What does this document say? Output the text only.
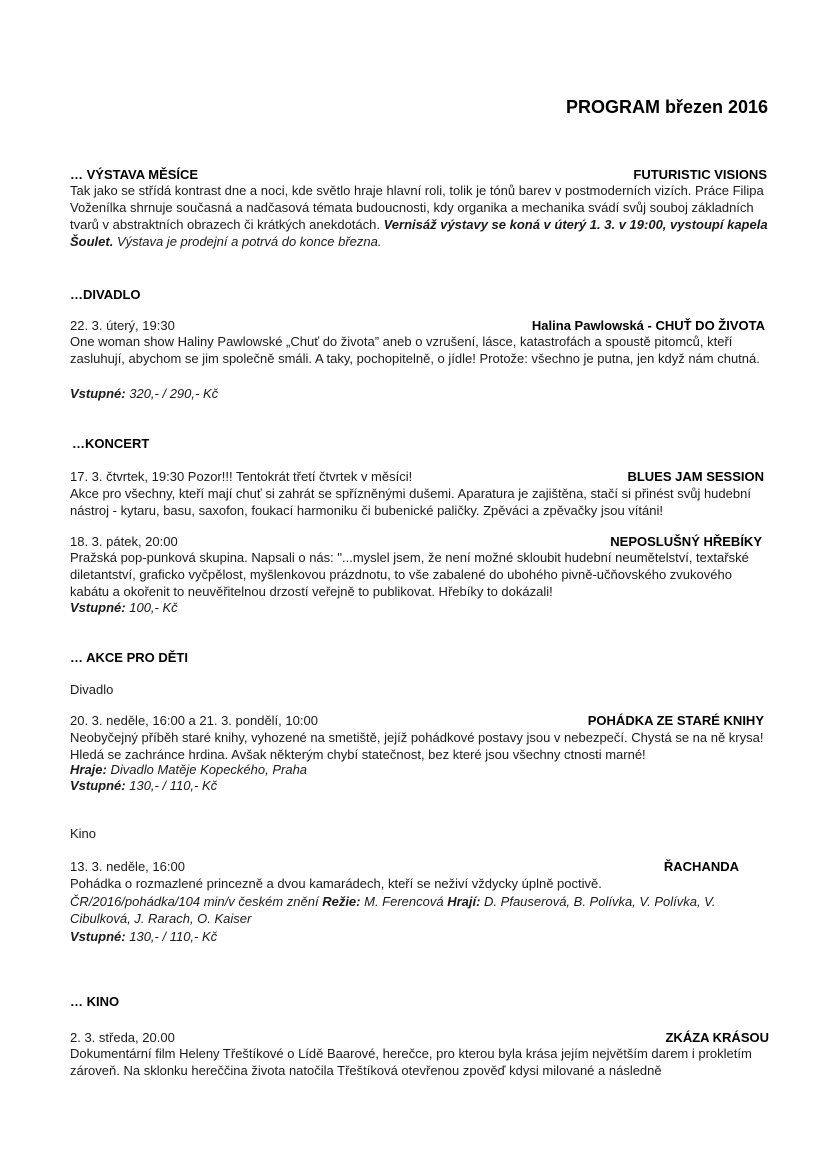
PROGRAM březen 2016
… VÝSTAVA MĚSÍCE	FUTURISTIC VISIONS

Tak jako se střídá kontrast dne a noci, kde světlo hraje hlavní roli, tolik je tónů barev v postmoderních vizích. Práce Filipa Voženílka shrnuje současná a nadčasová témata budoucnosti, kdy organika a mechanika svádí svůj souboj základních tvarů v abstraktních obrazech či krátkých anekdotách. Vernisáž výstavy se koná v úterý 1. 3. v 19:00, vystoupí kapela Šoulet. Výstava je prodejní a potrvá do konce března.

…DIVADLO
22. 3. úterý, 19:30	Halina Pawlowská - CHUŤ DO ŽIVOTA

One woman show Haliny Pawlowské „Chuť do života” aneb o vzrušení, lásce, katastrofách a spoustě pitomců, kteří zasluhují, abychom se jim společně smáli. A taky, pochopitelně, o jídle! Protože: všechno je putna, jen když nám chutná.

Vstupné: 320,- / 290,- Kč
…KONCERT
17. 3. čtvrtek, 19:30 Pozor!!! Tentokrát třetí čtvrtek v měsíci!	BLUES JAM SESSION

Akce pro všechny, kteří mají chuť si zahrát se spřízněnými dušemi. Aparatura je zajištěna, stačí si přinést svůj hudební nástroj - kytaru, basu, saxofon, foukací harmoniku či bubenické paličky. Zpěváci a zpěvačky jsou vítáni!

18. 3. pátek, 20:00	NEPOSLUŠNÝ HŘEBÍKY

Pražská pop-punková skupina. Napsali o nás: "...myslel jsem, že není možné skloubit hudební neumětelství, textařské diletantství, graficko vyčpělost, myšlenkovou prázdnotu, to vše zabalené do ubohého pivně-učňovského zvukového kabátu a okořenit to neuvěřitelnou drzostí veřejně to publikovat. Hřebíky to dokázali!

Vstupné: 100,- Kč
… AKCE PRO DĚTI
Divadlo
20. 3. neděle, 16:00 a 21. 3. pondělí, 10:00	POHÁDKA ZE STARÉ KNIHY

Neobyčejný příběh staré knihy, vyhozené na smetiště, jejíž pohádkové postavy jsou v nebezpečí. Chystá se na ně krysa! Hledá se zachránce hrdina. Avšak některým chybí statečnost, bez které jsou všechny ctnosti marné!

Hraje: Divadlo Matěje Kopeckého, Praha
Vstupné: 130,- / 110,- Kč
Kino
13. 3. neděle, 16:00	ŘACHANDA

Pohádka o rozmazlené princezně a dvou kamarádech, kteří se neživí vždycky úplně poctivě.

ČR/2016/pohádka/104 min/v českém znění Režie: M. Ferencová Hrají: D. Pfauserová, B. Polívka, V. Polívka, V. Cibulková, J. Rarach, O. Kaiser

Vstupné: 130,- / 110,- Kč
… KINO
2. 3. středa, 20.00	ZKÁZA KRÁSOU

Dokumentární film Heleny Třeštíkové o Lídě Baarové, herečce, pro kterou byla krása jejím největším darem i prokletím zároveň. Na sklonku hereččina života natočila Třeštíková otevřenou zpověď kdysi milované a následně
